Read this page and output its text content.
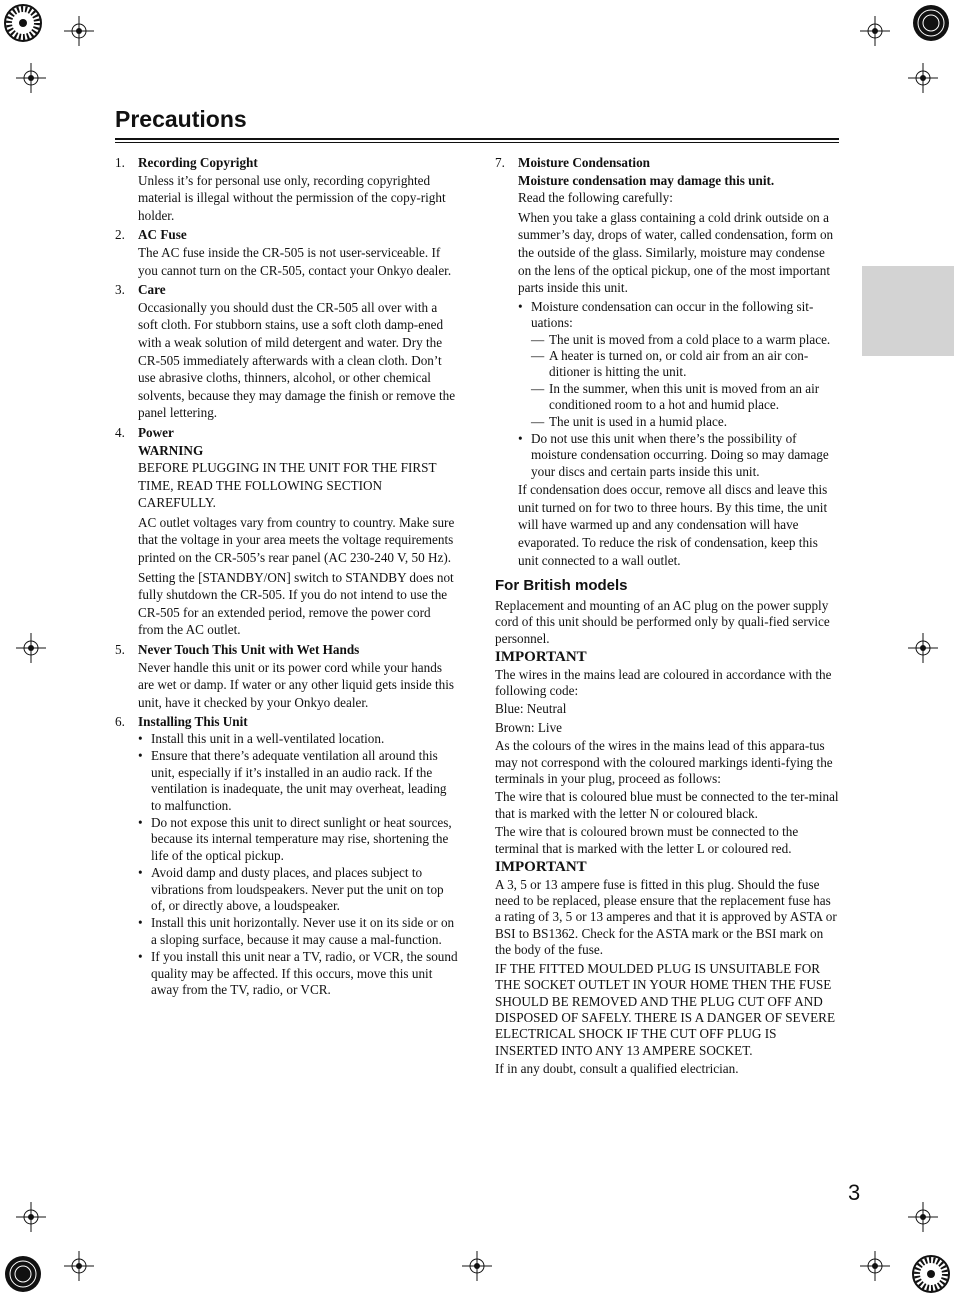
Precautions
3
1. Recording Copyright

Unless it’s for personal use only, recording copyrighted material is illegal without the permission of the copy-right holder.

2. AC Fuse

The AC fuse inside the CR-505 is not user-serviceable. If you cannot turn on the CR-505, contact your Onkyo dealer.

3. Care

Occasionally you should dust the CR-505 all over with a soft cloth. For stubborn stains, use a soft cloth damp-ened with a weak solution of mild detergent and water. Dry the CR-505 immediately afterwards with a clean cloth. Don’t use abrasive cloths, thinners, alcohol, or other chemical solvents, because they may damage the finish or remove the panel lettering.

4. Power
WARNING

BEFORE PLUGGING IN THE UNIT FOR THE FIRST TIME, READ THE FOLLOWING SECTION CAREFULLY.

AC outlet voltages vary from country to country. Make sure that the voltage in your area meets the voltage requirements printed on the CR-505’s rear panel (AC 230-240 V, 50 Hz).

Setting the [STANDBY/ON] switch to STANDBY does not fully shutdown the CR-505. If you do not intend to use the CR-505 for an extended period, remove the power cord from the AC outlet.

5. Never Touch This Unit with Wet Hands

Never handle this unit or its power cord while your hands are wet or damp. If water or any other liquid gets inside this unit, have it checked by your Onkyo dealer.

6. Installing This Unit
• Install this unit in a well-ventilated location.
• Ensure that there’s adequate ventilation all around this unit, especially if it’s installed in an audio rack. If the ventilation is inadequate, the unit may overheat, leading to malfunction.
• Do not expose this unit to direct sunlight or heat sources, because its internal temperature may rise, shortening the life of the optical pickup.
• Avoid damp and dusty places, and places subject to vibrations from loudspeakers. Never put the unit on top of, or directly above, a loudspeaker.
• Install this unit horizontally. Never use it on its side or on a sloping surface, because it may cause a mal-function.
• If you install this unit near a TV, radio, or VCR, the sound quality may be affected. If this occurs, move this unit away from the TV, radio, or VCR.
7. Moisture Condensation
Moisture condensation may damage this unit.

Read the following carefully:

When you take a glass containing a cold drink outside on a summer’s day, drops of water, called condensation, form on the outside of the glass. Similarly, moisture may condense on the lens of the optical pickup, one of the most important parts inside this unit.

• Moisture condensation can occur in the following sit-uations:
— The unit is moved from a cold place to a warm place.
— A heater is turned on, or cold air from an air con-ditioner is hitting the unit.
— In the summer, when this unit is moved from an air conditioned room to a hot and humid place.
— The unit is used in a humid place.
• Do not use this unit when there’s the possibility of moisture condensation occurring. Doing so may damage your discs and certain parts inside this unit.

If condensation does occur, remove all discs and leave this unit turned on for two to three hours. By this time, the unit will have warmed up and any condensation will have evaporated. To reduce the risk of condensation, keep this unit connected to a wall outlet.

For British models

Replacement and mounting of an AC plug on the power supply cord of this unit should be performed only by quali-fied service personnel.

IMPORTANT

The wires in the mains lead are coloured in accordance with the following code:

Blue: Neutral

Brown: Live

As the colours of the wires in the mains lead of this appara-tus may not correspond with the coloured markings identi-fying the terminals in your plug, proceed as follows:

The wire that is coloured blue must be connected to the ter-minal that is marked with the letter N or coloured black.

The wire that is coloured brown must be connected to the terminal that is marked with the letter L or coloured red.

IMPORTANT

A 3, 5 or 13 ampere fuse is fitted in this plug. Should the fuse need to be replaced, please ensure that the replacement fuse has a rating of 3, 5 or 13 amperes and that it is approved by ASTA or BSI to BS1362. Check for the ASTA mark or the BSI mark on the body of the fuse.

IF THE FITTED MOULDED PLUG IS UNSUITABLE FOR THE SOCKET OUTLET IN YOUR HOME THEN THE FUSE SHOULD BE REMOVED AND THE PLUG CUT OFF AND DISPOSED OF SAFELY. THERE IS A DANGER OF SEVERE ELECTRICAL SHOCK IF THE CUT OFF PLUG IS INSERTED INTO ANY 13 AMPERE SOCKET.

If in any doubt, consult a qualified electrician.
